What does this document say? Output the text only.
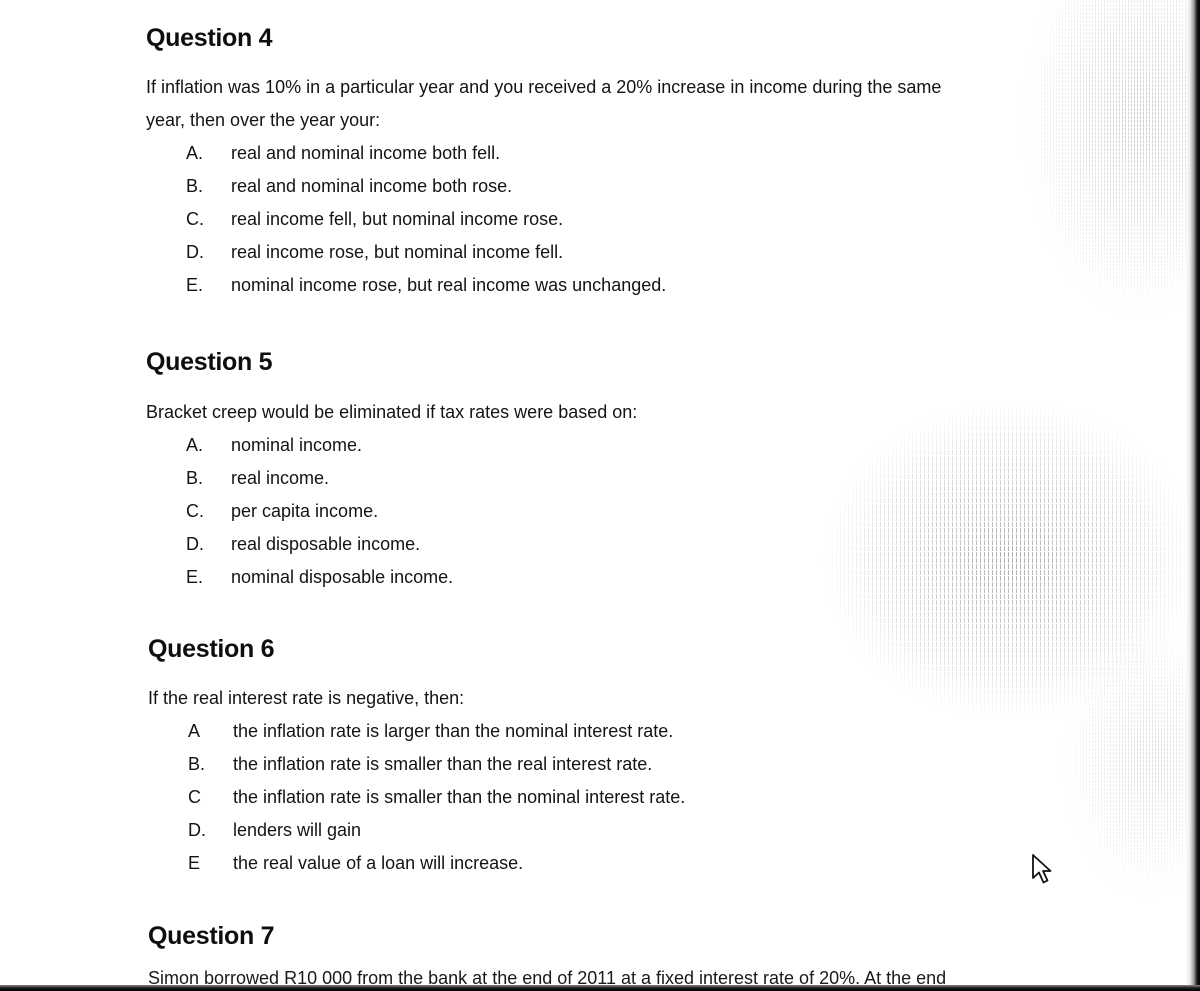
Question 4

If inflation was 10% in a particular year and you received a 20% increase in income during the same
year, then over the year your:

A.	real and nominal income both fell.
B.	real and nominal income both rose.
C.	real income fell, but nominal income rose.
D.	real income rose, but nominal income fell.
E.	nominal income rose, but real income was unchanged.
Question 5

Bracket creep would be eliminated if tax rates were based on:

A.	nominal income.
B.	real income.
C.	per capita income.
D.	real disposable income.
E.	nominal disposable income.
Question 6

If the real interest rate is negative, then:

A	the inflation rate is larger than the nominal interest rate.
B.	the inflation rate is smaller than the real interest rate.
C	the inflation rate is smaller than the nominal interest rate.
D.	lenders will gain
E	the real value of a loan will increase.
Question 7
Simon borrowed R10 000 from the bank at the end of 2011 at a fixed interest rate of 20%. At the end
